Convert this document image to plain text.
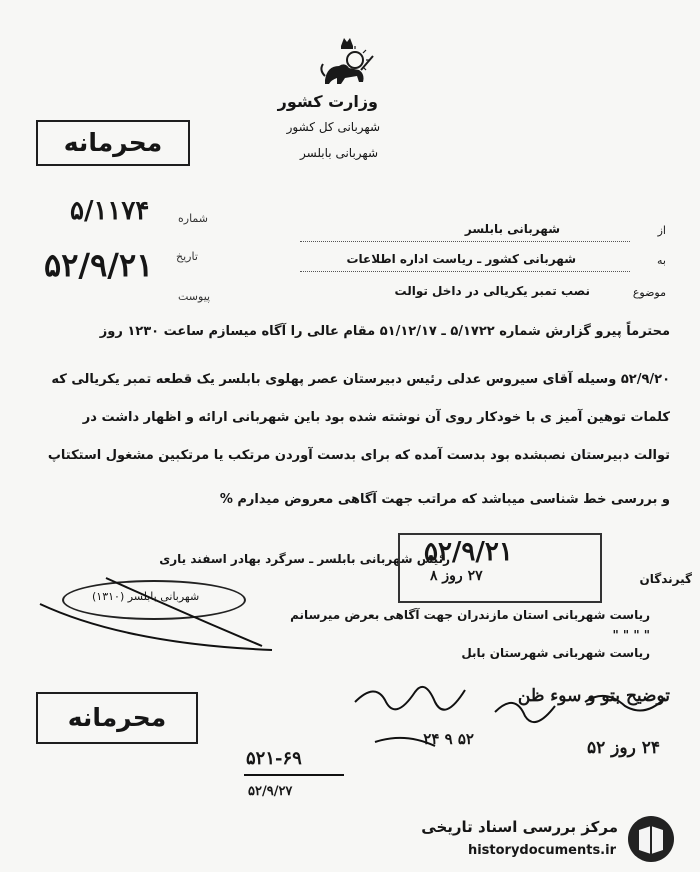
وزارت کشور
شهربانی کل کشور
شهربانی بابلسر
محرمانه
شماره
۵/۱۱۷۴
تاریخ
۵۲/۹/۲۱
پیوست
از
شهربانی بابلسر
به
شهربانی کشور ـ ریاست اداره اطلاعات
موضوع
نصب تمبر یکریالی در داخل توالت
محترماً پیرو گزارش شماره ۵/۱۷۲۲ ـ ۵۱/۱۲/۱۷ مقام عالی را آگاه میسازم ساعت ۱۲۳۰ روز
۵۲/۹/۲۰ وسیله آقای سیروس عدلی رئیس دبیرستان عصر پهلوی بابلسر یک قطعه تمبر یکریالی که
کلمات توهین آمیز ی با خودکار روی آن نوشته شده بود باین شهربانی ارائه و اظهار داشت در
توالت دبیرستان نصبشده بود بدست آمده که برای بدست آوردن مرتکب یا مرتکبین مشغول استکتاپ
و بررسی خط شناسی میباشد که مراتب جهت آگاهی معروض میدارم %
رئیس شهربانی بابلسر ـ سرگرد بهادر اسفند یاری
شهربانی بابلسر (۱۳۱۰)
۵۲/۹/۲۱
۲۷ روز ۸	گیرندگان
ریاست شهربانی استان مازندران جهت آگاهی بعرض میرسانم
" " " "
ریاست شهربانی شهرستان بابل
توضیح بتو و سوء ظن
۲۴ روز ۵۲
۲۴ ۹ ۵۲
محرمانه
۵۲۱-۶۹
۵۲/۹/۲۷
مرکز بررسی اسناد تاریخی
historydocuments.ir
